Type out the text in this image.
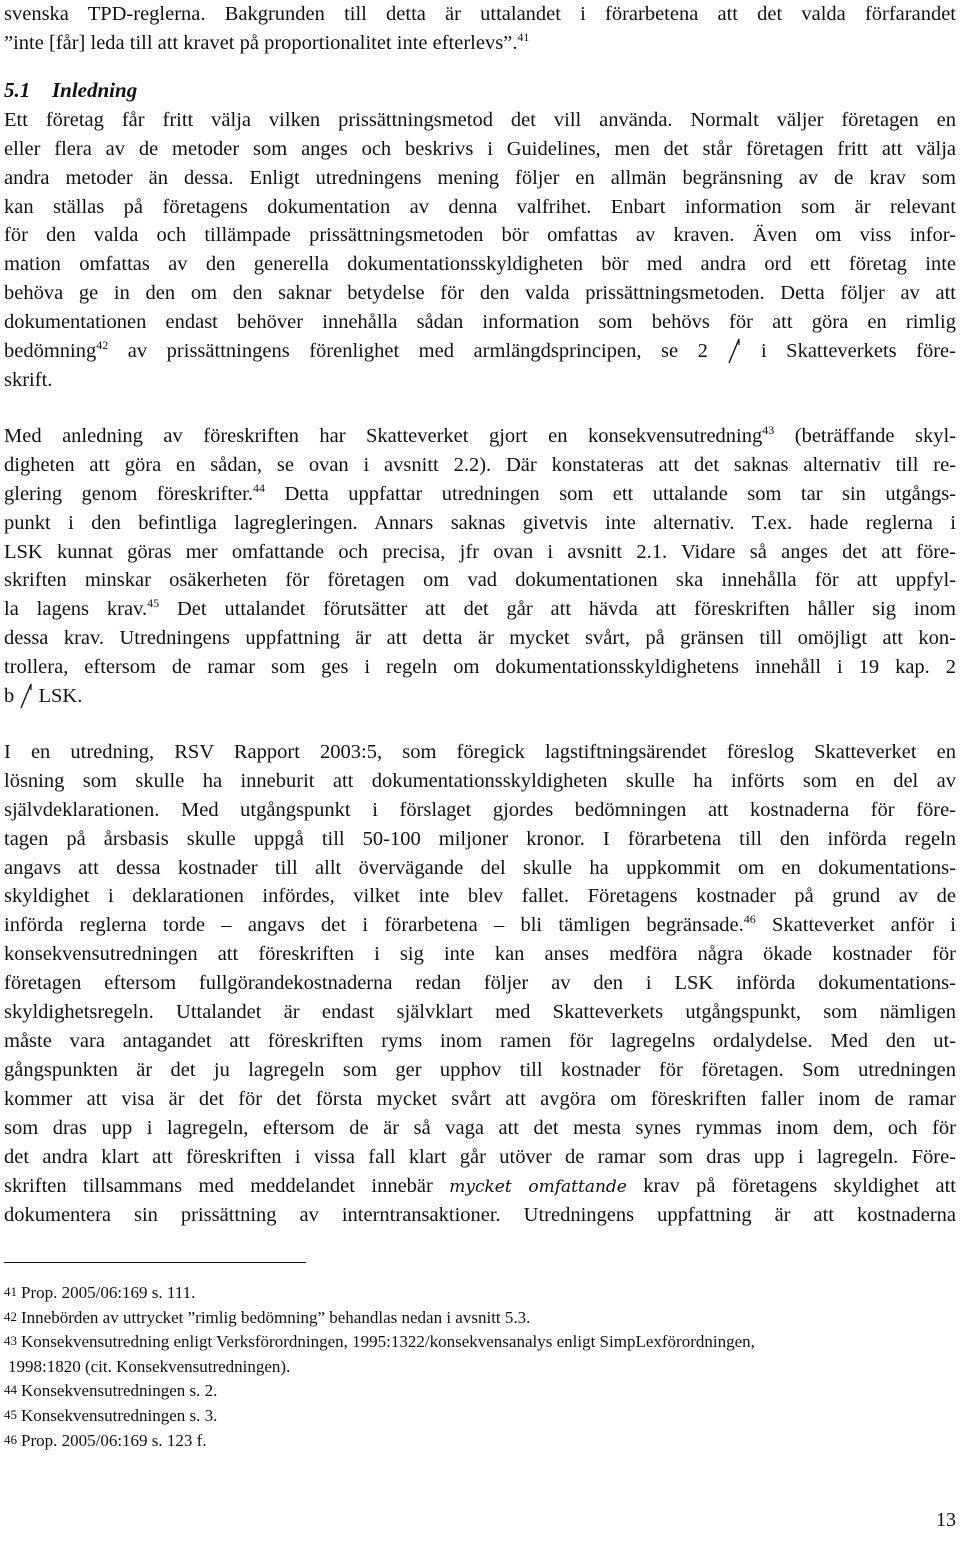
svenska TPD-reglerna. Bakgrunden till detta är uttalandet i förarbetena att det valda förfarandet
”inte [får] leda till att kravet på proportionalitet inte efterlevs”.$^{41}$
5.1 Inledning
Ett företag får fritt välja vilken prissättningsmetod det vill använda. Normalt väljer företagen en
eller flera av de metoder som anges och beskrivs i Guidelines, men det står företagen fritt att välja
andra metoder än dessa. Enligt utredningens mening följer en allmän begränsning av de krav som
kan ställas på företagens dokumentation av denna valfrihet. Enbart information som är relevant
för den valda och tillämpade prissättningsmetoden bör omfattas av kraven. Även om viss infor-
mation omfattas av den generella dokumentationsskyldigheten bör med andra ord ett företag inte
behöva ge in den om den saknar betydelse för den valda prissättningsmetoden. Detta följer av att
dokumentationen endast behöver innehålla sådan information som behövs för att göra en rimlig
bedömning$^{42}$ av prissättningens förenlighet med armlängdsprincipen, se 2  i Skatteverkets före-
skrift.
Med anledning av föreskriften har Skatteverket gjort en konsekvensutredning$^{43}$ (beträffande skyl-
digheten att göra en sådan, se ovan i avsnitt 2.2). Där konstateras att det saknas alternativ till re-
glering genom föreskrifter.$^{44}$ Detta uppfattar utredningen som ett uttalande som tar sin utgångs-
punkt i den befintliga lagregleringen. Annars saknas givetvis inte alternativ. T.ex. hade reglerna i
LSK kunnat göras mer omfattande och precisa, jfr ovan i avsnitt 2.1. Vidare så anges det att före-
skriften minskar osäkerheten för företagen om vad dokumentationen ska innehålla för att uppfyl-
la lagens krav.$^{45}$ Det uttalandet förutsätter att det går att hävda att föreskriften håller sig inom
dessa krav. Utredningens uppfattning är att detta är mycket svårt, på gränsen till omöjligt att kon-
trollera, eftersom de ramar som ges i regeln om dokumentationsskyldighetens innehåll i 19 kap. 2
b  LSK.
I en utredning, RSV Rapport 2003:5, som föregick lagstiftningsärendet föreslog Skatteverket en
lösning som skulle ha inneburit att dokumentationsskyldigheten skulle ha införts som en del av
självdeklarationen. Med utgångspunkt i förslaget gjordes bedömningen att kostnaderna för före-
tagen på årsbasis skulle uppgå till 50-100 miljoner kronor. I förarbetena till den införda regeln
angavs att dessa kostnader till allt övervägande del skulle ha uppkommit om en dokumentations-
skyldighet i deklarationen infördes, vilket inte blev fallet. Företagens kostnader på grund av de
införda reglerna torde – angavs det i förarbetena – bli tämligen begränsade.$^{46}$ Skatteverket anför i
konsekvensutredningen att föreskriften i sig inte kan anses medföra några ökade kostnader för
företagen eftersom fullgörandekostnaderna redan följer av den i LSK införda dokumentations-
skyldighetsregeln. Uttalandet är endast självklart med Skatteverkets utgångspunkt, som nämligen
måste vara antagandet att föreskriften ryms inom ramen för lagregelns ordalydelse. Med den ut-
gångspunkten är det ju lagregeln som ger upphov till kostnader för företagen. Som utredningen
kommer att visa är det för det första mycket svårt att avgöra om föreskriften faller inom de ramar
som dras upp i lagregeln, eftersom de är så vaga att det mesta synes rymmas inom dem, och för
det andra klart att föreskriften i vissa fall klart går utöver de ramar som dras upp i lagregeln. Före-
skriften tillsammans med meddelandet innebär mycket omfattande krav på företagens skyldighet att
dokumentera sin prissättning av interntransaktioner. Utredningens uppfattning är att kostnaderna
41 Prop. 2005/06:169 s. 111.
42 Innebörden av uttrycket ”rimlig bedömning” behandlas nedan i avsnitt 5.3.
43 Konsekvensutredning enligt Verksförordningen, 1995:1322/konsekvensanalys enligt SimpLexförordningen,
1998:1820 (cit. Konsekvensutredningen).
44 Konsekvensutredningen s. 2.
45 Konsekvensutredningen s. 3.
46 Prop. 2005/06:169 s. 123 f.
13
